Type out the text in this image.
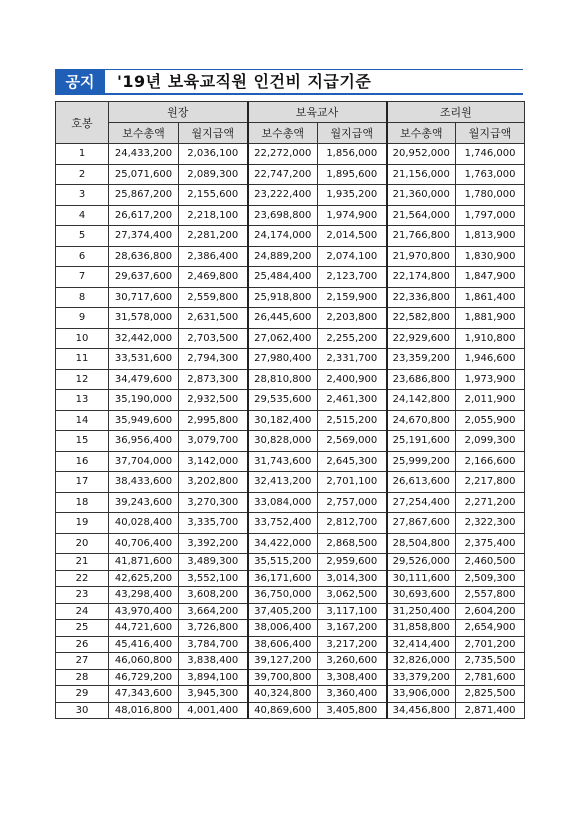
공지	'19년 보육교직원 인건비 지급기준
호봉	원장		보육교사		조리원	
	보수총액	월지급액	보수총액	월지급액	보수총액	월지급액
1	24,433,200	2,036,100	22,272,000	1,856,000	20,952,000	1,746,000
2	25,071,600	2,089,300	22,747,200	1,895,600	21,156,000	1,763,000
3	25,867,200	2,155,600	23,222,400	1,935,200	21,360,000	1,780,000
4	26,617,200	2,218,100	23,698,800	1,974,900	21,564,000	1,797,000
5	27,374,400	2,281,200	24,174,000	2,014,500	21,766,800	1,813,900
6	28,636,800	2,386,400	24,889,200	2,074,100	21,970,800	1,830,900
7	29,637,600	2,469,800	25,484,400	2,123,700	22,174,800	1,847,900
8	30,717,600	2,559,800	25,918,800	2,159,900	22,336,800	1,861,400
9	31,578,000	2,631,500	26,445,600	2,203,800	22,582,800	1,881,900
10	32,442,000	2,703,500	27,062,400	2,255,200	22,929,600	1,910,800
11	33,531,600	2,794,300	27,980,400	2,331,700	23,359,200	1,946,600
12	34,479,600	2,873,300	28,810,800	2,400,900	23,686,800	1,973,900
13	35,190,000	2,932,500	29,535,600	2,461,300	24,142,800	2,011,900
14	35,949,600	2,995,800	30,182,400	2,515,200	24,670,800	2,055,900
15	36,956,400	3,079,700	30,828,000	2,569,000	25,191,600	2,099,300
16	37,704,000	3,142,000	31,743,600	2,645,300	25,999,200	2,166,600
17	38,433,600	3,202,800	32,413,200	2,701,100	26,613,600	2,217,800
18	39,243,600	3,270,300	33,084,000	2,757,000	27,254,400	2,271,200
19	40,028,400	3,335,700	33,752,400	2,812,700	27,867,600	2,322,300
20	40,706,400	3,392,200	34,422,000	2,868,500	28,504,800	2,375,400
21	41,871,600	3,489,300	35,515,200	2,959,600	29,526,000	2,460,500
22	42,625,200	3,552,100	36,171,600	3,014,300	30,111,600	2,509,300
23	43,298,400	3,608,200	36,750,000	3,062,500	30,693,600	2,557,800
24	43,970,400	3,664,200	37,405,200	3,117,100	31,250,400	2,604,200
25	44,721,600	3,726,800	38,006,400	3,167,200	31,858,800	2,654,900
26	45,416,400	3,784,700	38,606,400	3,217,200	32,414,400	2,701,200
27	46,060,800	3,838,400	39,127,200	3,260,600	32,826,000	2,735,500
28	46,729,200	3,894,100	39,700,800	3,308,400	33,379,200	2,781,600
29	47,343,600	3,945,300	40,324,800	3,360,400	33,906,000	2,825,500
30	48,016,800	4,001,400	40,869,600	3,405,800	34,456,800	2,871,400
